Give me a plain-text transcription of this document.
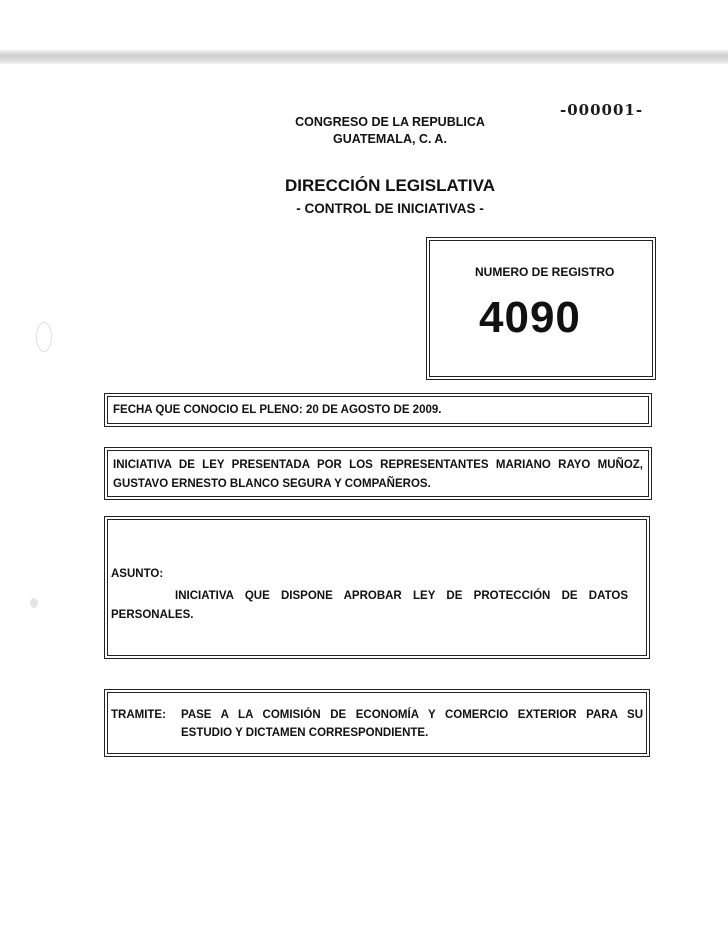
-000001-
CONGRESO DE LA REPUBLICA
GUATEMALA, C. A.
DIRECCIÓN LEGISLATIVA
- CONTROL DE INICIATIVAS -
NUMERO DE REGISTRO
4090
FECHA QUE CONOCIO EL PLENO: 20 DE AGOSTO DE 2009.
INICIATIVA DE LEY PRESENTADA POR LOS REPRESENTANTES MARIANO RAYO MUÑOZ,
GUSTAVO ERNESTO BLANCO SEGURA Y COMPAÑEROS.
ASUNTO:
INICIATIVA QUE DISPONE APROBAR LEY DE PROTECCIÓN DE DATOS
PERSONALES.
TRAMITE: PASE A LA COMISIÓN DE ECONOMÍA Y COMERCIO EXTERIOR PARA SU
ESTUDIO Y DICTAMEN CORRESPONDIENTE.
